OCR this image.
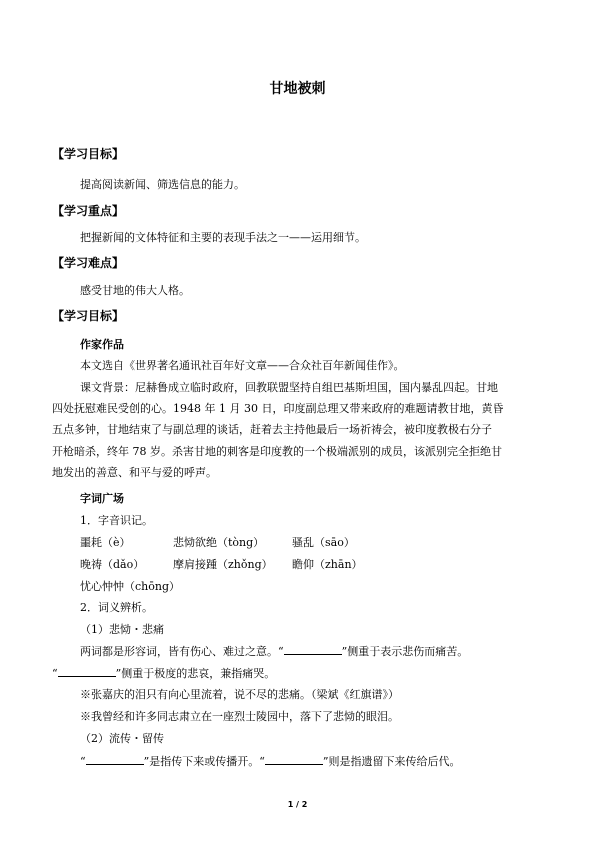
甘地被刺
【学习目标】
提高阅读新闻、筛选信息的能力。
【学习重点】
把握新闻的文体特征和主要的表现手法之一——运用细节。
【学习难点】
感受甘地的伟大人格。
【学习目标】
作家作品
本文选自《世界著名通讯社百年好文章——合众社百年新闻佳作》。
课文背景：尼赫鲁成立临时政府，回教联盟坚持自组巴基斯坦国，国内暴乱四起。甘地
四处抚慰难民受创的心。1948 年 1 月 30 日，印度副总理又带来政府的难题请教甘地，黄昏
五点多钟，甘地结束了与副总理的谈话，赶着去主持他最后一场祈祷会，被印度教极右分子
开枪暗杀，终年 78 岁。杀害甘地的刺客是印度教的一个极端派别的成员，该派别完全拒绝甘
地发出的善意、和平与爱的呼声。
字词广场
1．字音识记。
噩耗（è）	悲恸欲绝（tòng）	骚乱（sāo）
晚祷（dǎo）	摩肩接踵（zhǒng） 瞻仰（zhān）
忧心忡忡（chōng）
2．词义辨析。
（1）悲恸・悲痛
两词都是形容词，皆有伤心、难过之意。“	”侧重于表示悲伤而痛苦。
“	”侧重于极度的悲哀，兼指痛哭。
※张嘉庆的泪只有向心里流着，说不尽的悲痛。（梁斌《红旗谱》）
※我曾经和许多同志肃立在一座烈士陵园中，落下了悲恸的眼泪。
（2）流传・留传
“	”是指传下来或传播开。“	”则是指遗留下来传给后代。
1 / 2
